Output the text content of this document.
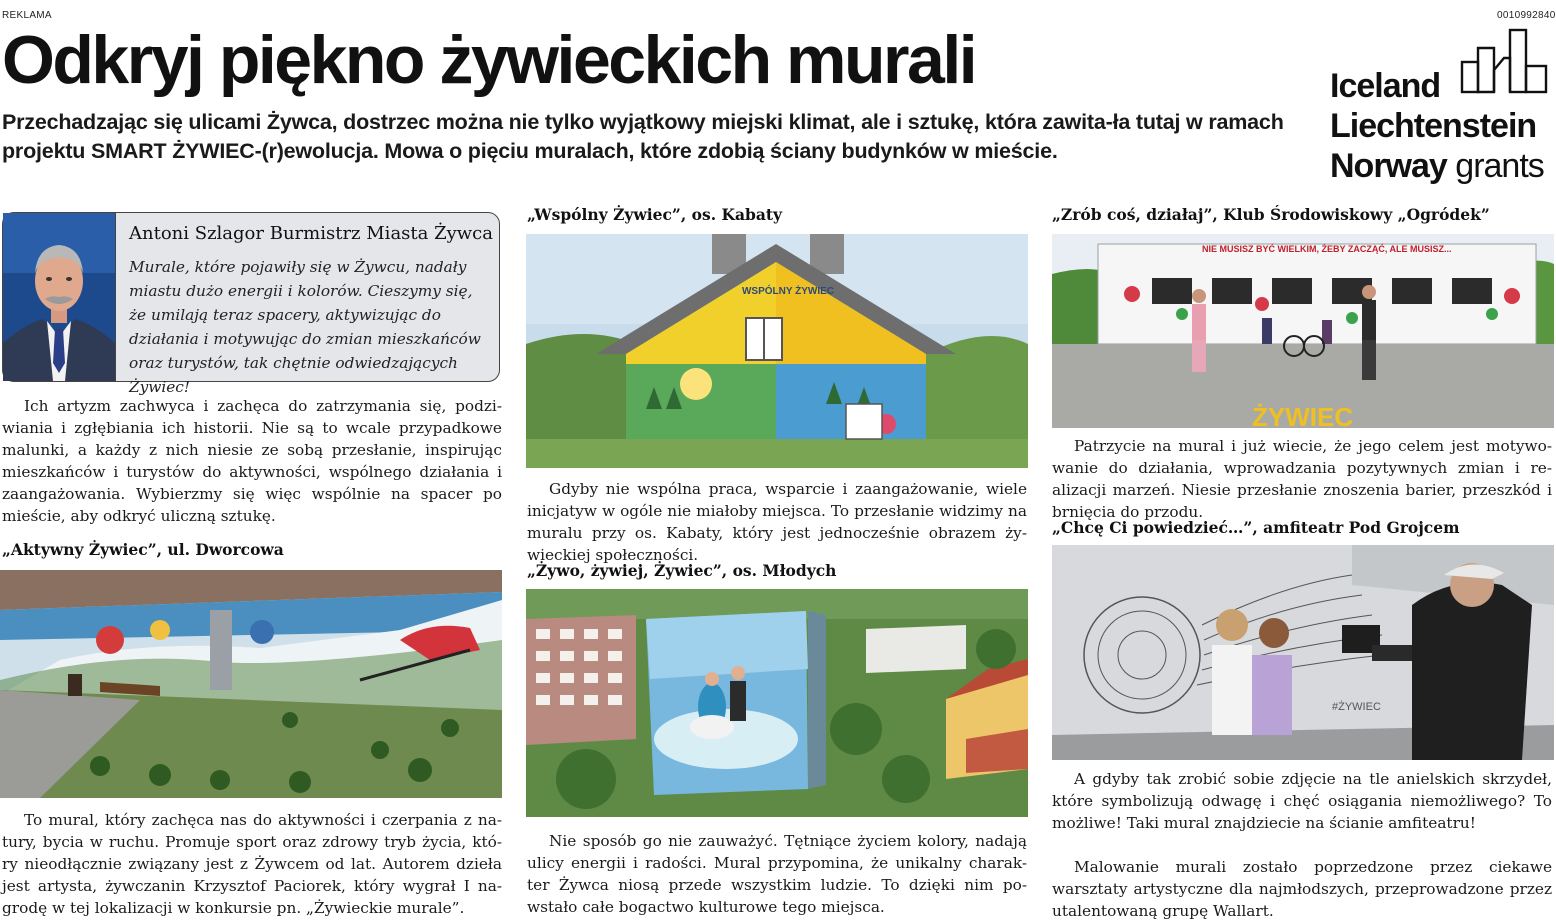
REKLAMA	0010992840
Odkryj piękno żywieckich murali
Przechadzając się ulicami Żywca, dostrzec można nie tylko wyjątkowy miejski klimat, ale i sztukę, która zawita-ła tutaj w ramach projektu SMART ŻYWIEC-(r)ewolucja. Mowa o pięciu muralach, które zdobią ściany budynków w mieście.
Iceland
Liechtenstein
Norway grants
Antoni Szlagor Burmistrz Miasta Żywca
Murale, które pojawiły się w Żywcu, nadały miastu dużo energii i kolorów. Cieszymy się, że umilają teraz spacery, aktywizując do działania i motywując do zmian mieszkańców oraz turystów, tak chętnie odwiedzających Żywiec!

Ich artyzm zachwyca i zachęca do zatrzymania się, podzi-wiania i zgłębiania ich historii. Nie są to wcale przypadkowe malunki, a każdy z nich niesie ze sobą przesłanie, inspirując mieszkańców i turystów do aktywności, wspólnego działania i zaangażowania. Wybierzmy się więc wspólnie na spacer po mieście, aby odkryć uliczną sztukę.

„Aktywny Żywiec”, ul. Dworcowa

To mural, który zachęca nas do aktywności i czerpania z na-tury, bycia w ruchu. Promuje sport oraz zdrowy tryb życia, któ-ry nieodłącznie związany jest z Żywcem od lat. Autorem dzieła jest artysta, żywczanin Krzysztof Paciorek, który wygrał I na-grodę w tej lokalizacji w konkursie pn. „Żywieckie murale”.

„Wspólny Żywiec”, os. Kabaty
WSPÓLNY ŻYWIEC

Gdyby nie wspólna praca, wsparcie i zaangażowanie, wiele inicjatyw w ogóle nie miałoby miejsca. To przesłanie widzimy na muralu przy os. Kabaty, który jest jednocześnie obrazem ży-wieckiej społeczności.

„Żywo, żywiej, Żywiec”, os. Młodych

Nie sposób go nie zauważyć. Tętniące życiem kolory, nadają ulicy energii i radości. Mural przypomina, że unikalny charak-ter Żywca niosą przede wszystkim ludzie. To dzięki nim po-wstało całe bogactwo kulturowe tego miejsca.

„Zrób coś, działaj”, Klub Środowiskowy „Ogródek”
NIE MUSISZ BYĆ WIELKIM, ŻEBY ZACZĄĆ, ALE MUSISZ...
ŻYWIEC

Patrzycie na mural i już wiecie, że jego celem jest motywo-wanie do działania, wprowadzania pozytywnych zmian i re-alizacji marzeń. Niesie przesłanie znoszenia barier, przeszkód i brnięcia do przodu.

„Chcę Ci powiedzieć…”, amfiteatr Pod Grojcem
#ŻYWIEC

A gdyby tak zrobić sobie zdjęcie na tle anielskich skrzydeł, które symbolizują odwagę i chęć osiągania niemożliwego? To możliwe! Taki mural znajdziecie na ścianie amfiteatru!

Malowanie murali zostało poprzedzone przez ciekawe warsztaty artystyczne dla najmłodszych, przeprowadzone przez utalentowaną grupę Wallart.
